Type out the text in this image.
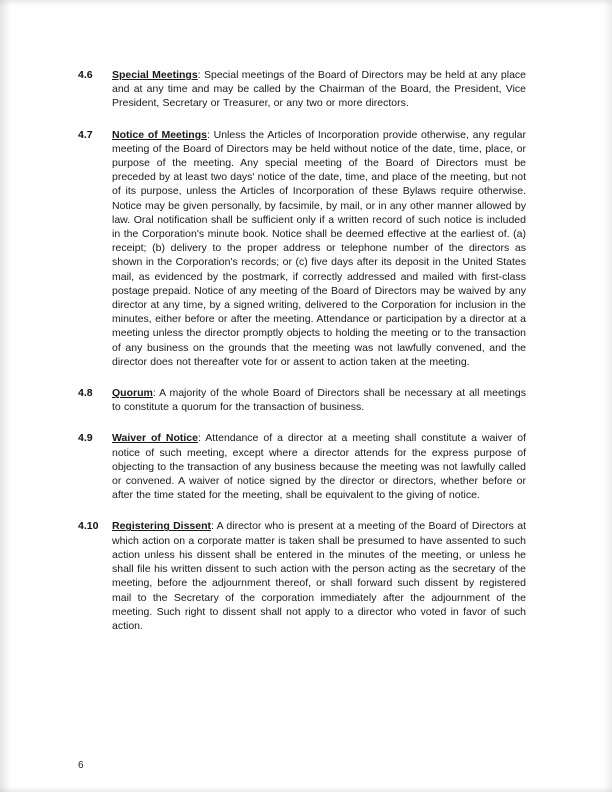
4.6	Special Meetings: Special meetings of the Board of Directors may be held at any place and at any time and may be called by the Chairman of the Board, the President, Vice President, Secretary or Treasurer, or any two or more directors.
4.7	Notice of Meetings: Unless the Articles of Incorporation provide otherwise, any regular meeting of the Board of Directors may be held without notice of the date, time, place, or purpose of the meeting. Any special meeting of the Board of Directors must be preceded by at least two days' notice of the date, time, and place of the meeting, but not of its purpose, unless the Articles of Incorporation of these Bylaws require otherwise. Notice may be given personally, by facsimile, by mail, or in any other manner allowed by law. Oral notification shall be sufficient only if a written record of such notice is included in the Corporation's minute book. Notice shall be deemed effective at the earliest of. (a) receipt; (b) delivery to the proper address or telephone number of the directors as shown in the Corporation's records; or (c) five days after its deposit in the United States mail, as evidenced by the postmark, if correctly addressed and mailed with first-class postage prepaid. Notice of any meeting of the Board of Directors may be waived by any director at any time, by a signed writing, delivered to the Corporation for inclusion in the minutes, either before or after the meeting. Attendance or participation by a director at a meeting unless the director promptly objects to holding the meeting or to the transaction of any business on the grounds that the meeting was not lawfully convened, and the director does not thereafter vote for or assent to action taken at the meeting.
4.8	Quorum: A majority of the whole Board of Directors shall be necessary at all meetings to constitute a quorum for the transaction of business.
4.9	Waiver of Notice: Attendance of a director at a meeting shall constitute a waiver of notice of such meeting, except where a director attends for the express purpose of objecting to the transaction of any business because the meeting was not lawfully called or convened. A waiver of notice signed by the director or directors, whether before or after the time stated for the meeting, shall be equivalent to the giving of notice.
4.10	Registering Dissent: A director who is present at a meeting of the Board of Directors at which action on a corporate matter is taken shall be presumed to have assented to such action unless his dissent shall be entered in the minutes of the meeting, or unless he shall file his written dissent to such action with the person acting as the secretary of the meeting, before the adjournment thereof, or shall forward such dissent by registered mail to the Secretary of the corporation immediately after the adjournment of the meeting. Such right to dissent shall not apply to a director who voted in favor of such action.
6
